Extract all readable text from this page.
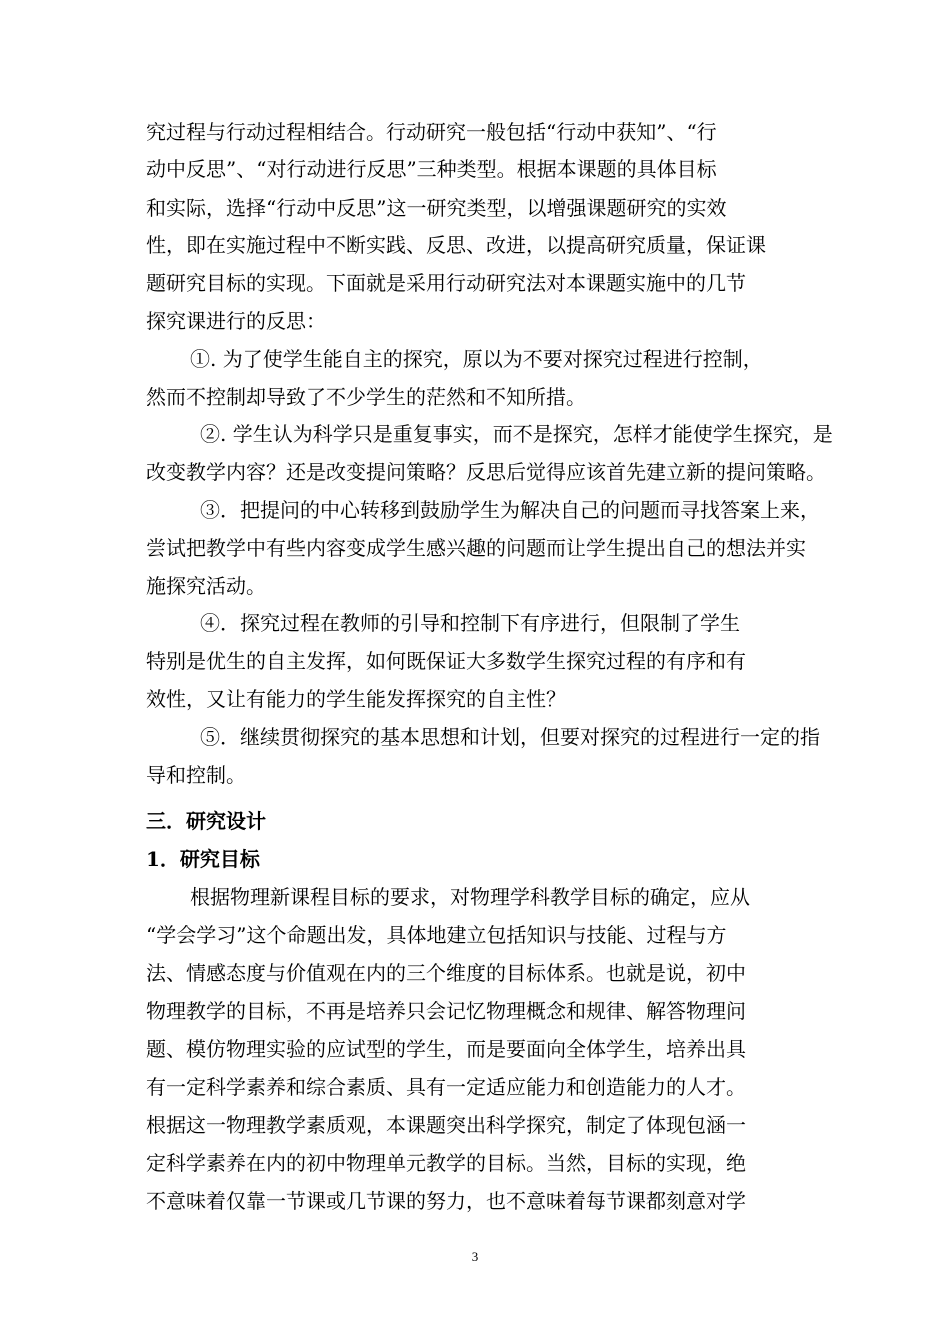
究过程与行动过程相结合。行动研究一般包括“行动中获知”、“行
动中反思”、“对行动进行反思”三种类型。根据本课题的具体目标
和实际，选择“行动中反思”这一研究类型，以增强课题研究的实效
性，即在实施过程中不断实践、反思、改进，以提高研究质量，保证课
题研究目标的实现。下面就是采用行动研究法对本课题实施中的几节
探究课进行的反思：
①. 为了使学生能自主的探究，原以为不要对探究过程进行控制，
然而不控制却导致了不少学生的茫然和不知所措。
②. 学生认为科学只是重复事实，而不是探究，怎样才能使学生探究，是
改变教学内容？还是改变提问策略？反思后觉得应该首先建立新的提问策略。
③．把提问的中心转移到鼓励学生为解决自己的问题而寻找答案上来，
尝试把教学中有些内容变成学生感兴趣的问题而让学生提出自己的想法并实
施探究活动。
④．探究过程在教师的引导和控制下有序进行，但限制了学生
特别是优生的自主发挥，如何既保证大多数学生探究过程的有序和有
效性，又让有能力的学生能发挥探究的自主性？
⑤．继续贯彻探究的基本思想和计划，但要对探究的过程进行一定的指
导和控制。
三．研究设计
1．研究目标
根据物理新课程目标的要求，对物理学科教学目标的确定，应从
“学会学习”这个命题出发，具体地建立包括知识与技能、过程与方
法、情感态度与价值观在内的三个维度的目标体系。也就是说，初中
物理教学的目标，不再是培养只会记忆物理概念和规律、解答物理问
题、模仿物理实验的应试型的学生，而是要面向全体学生，培养出具
有一定科学素养和综合素质、具有一定适应能力和创造能力的人才。
根据这一物理教学素质观，本课题突出科学探究，制定了体现包涵一
定科学素养在内的初中物理单元教学的目标。当然，目标的实现，绝
不意味着仅靠一节课或几节课的努力，也不意味着每节课都刻意对学
3
